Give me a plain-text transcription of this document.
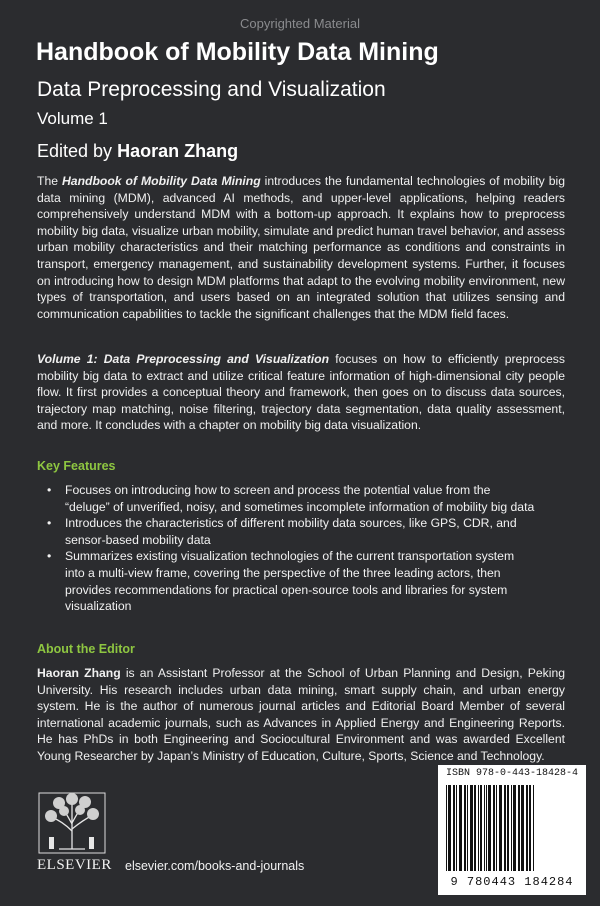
Copyrighted Material
Handbook of Mobility Data Mining
Data Preprocessing and Visualization
Volume 1
Edited by Haoran Zhang

The Handbook of Mobility Data Mining introduces the fundamental technologies of mobility big data mining (MDM), advanced AI methods, and upper-level applications, helping readers comprehensively understand MDM with a bottom-up approach. It explains how to preprocess mobility big data, visualize urban mobility, simulate and predict human travel behavior, and assess urban mobility characteristics and their matching performance as conditions and constraints in transport, emergency management, and sustainability development systems. Further, it focuses on introducing how to design MDM platforms that adapt to the evolving mobility environment, new types of transportation, and users based on an integrated solution that utilizes sensing and communication capabilities to tackle the significant challenges that the MDM field faces.

Volume 1: Data Preprocessing and Visualization focuses on how to efficiently preprocess mobility big data to extract and utilize critical feature information of high-dimensional city people flow. It first provides a conceptual theory and framework, then goes on to discuss data sources, trajectory map matching, noise filtering, trajectory data segmentation, data quality assessment, and more. It concludes with a chapter on mobility big data visualization.

Key Features
• Focuses on introducing how to screen and process the potential value from the “deluge” of unverified, noisy, and sometimes incomplete information of mobility big data
• Introduces the characteristics of different mobility data sources, like GPS, CDR, and sensor-based mobility data
• Summarizes existing visualization technologies of the current transportation system into a multi-view frame, covering the perspective of the three leading actors, then provides recommendations for practical open-source tools and libraries for system visualization
About the Editor

Haoran Zhang is an Assistant Professor at the School of Urban Planning and Design, Peking University. His research includes urban data mining, smart supply chain, and urban energy system. He is the author of numerous journal articles and Editorial Board Member of several international academic journals, such as Advances in Applied Energy and Engineering Reports. He has PhDs in both Engineering and Sociocultural Environment and was awarded Excellent Young Researcher by Japan’s Ministry of Education, Culture, Sports, Science and Technology.

ISBN 978-0-443-18428-4
9 780443 184284
ELSEVIER elsevier.com/books-and-journals
